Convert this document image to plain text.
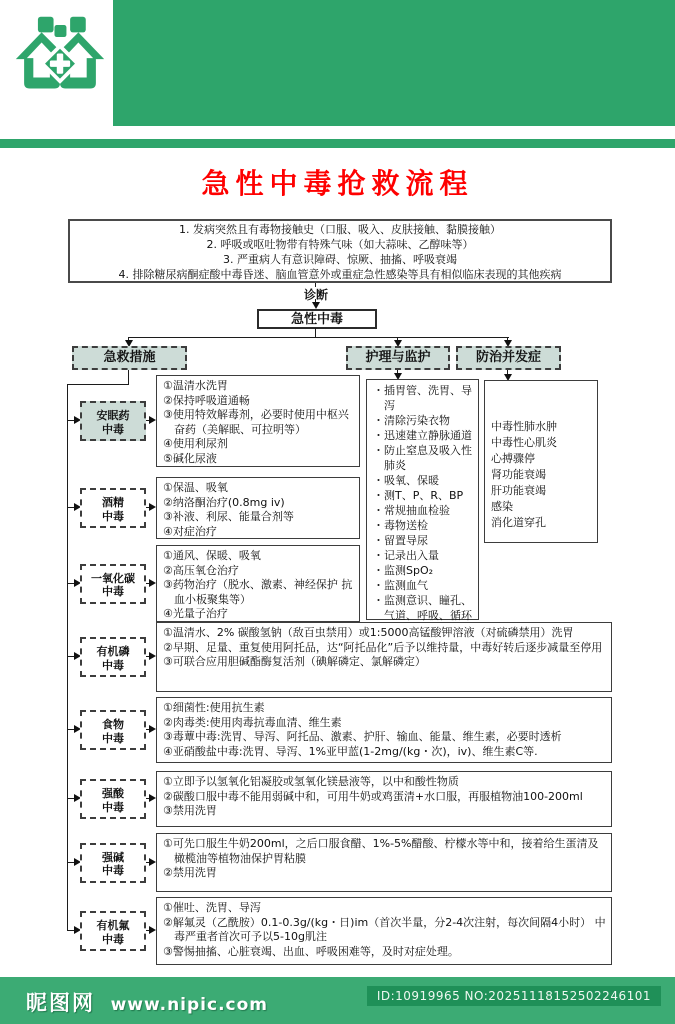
急性中毒抢救流程
1. 发病突然且有毒物接触史（口服、吸入、皮肤接触、黏膜接触）
2. 呼吸或呕吐物带有特殊气味（如大蒜味、乙醇味等）
3. 严重病人有意识障碍、惊厥、抽搐、呼吸衰竭
4. 排除糖尿病酮症酸中毒昏迷、脑血管意外或重症急性感染等具有相似临床表现的其他疾病
诊断
急性中毒
急救措施	护理与监护	防治并发症
・ 插胃管、洗胃、导泻
・ 清除污染衣物
・ 迅速建立静脉通道
・ 防止窒息及吸入性肺炎
・ 吸氧、保暖
・ 测T、P、R、BP
・ 常规抽血检验
・ 毒物送检
・ 留置导尿
・ 记录出入量
・ 监测SpO₂
・ 监测血气
・ 监测意识、瞳孔、气道、呼吸、循环
中毒性肺水肿
中毒性心肌炎
心搏骤停
肾功能衰竭
肝功能衰竭
感染
消化道穿孔
安眠药
中毒
①温清水洗胃
②保持呼吸道通畅
③使用特效解毒剂，必要时使用中枢兴奋药（美解眠、可拉明等）
④使用利尿剂
⑤碱化尿液
酒精
中毒
①保温、吸氧
②纳洛酮治疗(0.8mg iv)
③补液、利尿、能量合剂等
④对症治疗
一氧化碳
中毒
①通风、保暖、吸氧
②高压氧仓治疗
③药物治疗（脱水、激素、神经保护 抗血小板聚集等）
④光量子治疗
有机磷
中毒
①温清水、2% 碳酸氢钠（敌百虫禁用）或1:5000高锰酸钾溶液（对硫磷禁用）洗胃
②早期、足量、重复使用阿托品，达“阿托品化”后予以维持量，中毒好转后逐步减量至停用
③可联合应用胆碱酯酶复活剂（碘解磷定、氯解磷定）
食物
中毒
①细菌性:使用抗生素
②肉毒类:使用肉毒抗毒血清、维生素
③毒蕈中毒:洗胃、导泻、阿托品、激素、护肝、输血、能量、维生素，必要时透析
④亚硝酸盐中毒:洗胃、导泻、1%亚甲蓝(1-2mg/(kg・次)，iv)、维生素C等.
强酸
中毒
①立即予以氢氧化铝凝胶或氢氧化镁悬液等，以中和酸性物质
②碳酸口服中毒不能用弱碱中和，可用牛奶或鸡蛋清+水口服，再服植物油100-200ml
③禁用洗胃
强碱
中毒
①可先口服生牛奶200ml，之后口服食醋、1%-5%醋酸、柠檬水等中和，接着给生蛋清及橄榄油等植物油保护胃粘膜
②禁用洗胃
有机氟
中毒
①催吐、洗胃、导泻
②解氟灵（乙酰胺）0.1-0.3g/(kg・日)im（首次半量，分2-4次注射，每次间隔4小时） 中毒严重者首次可予以5-10g肌注
③警惕抽搐、心脏衰竭、出血、呼吸困难等，及时对症处理。
昵图网 www.nipic.com	ID:10919965 NO:20251118152502246101
